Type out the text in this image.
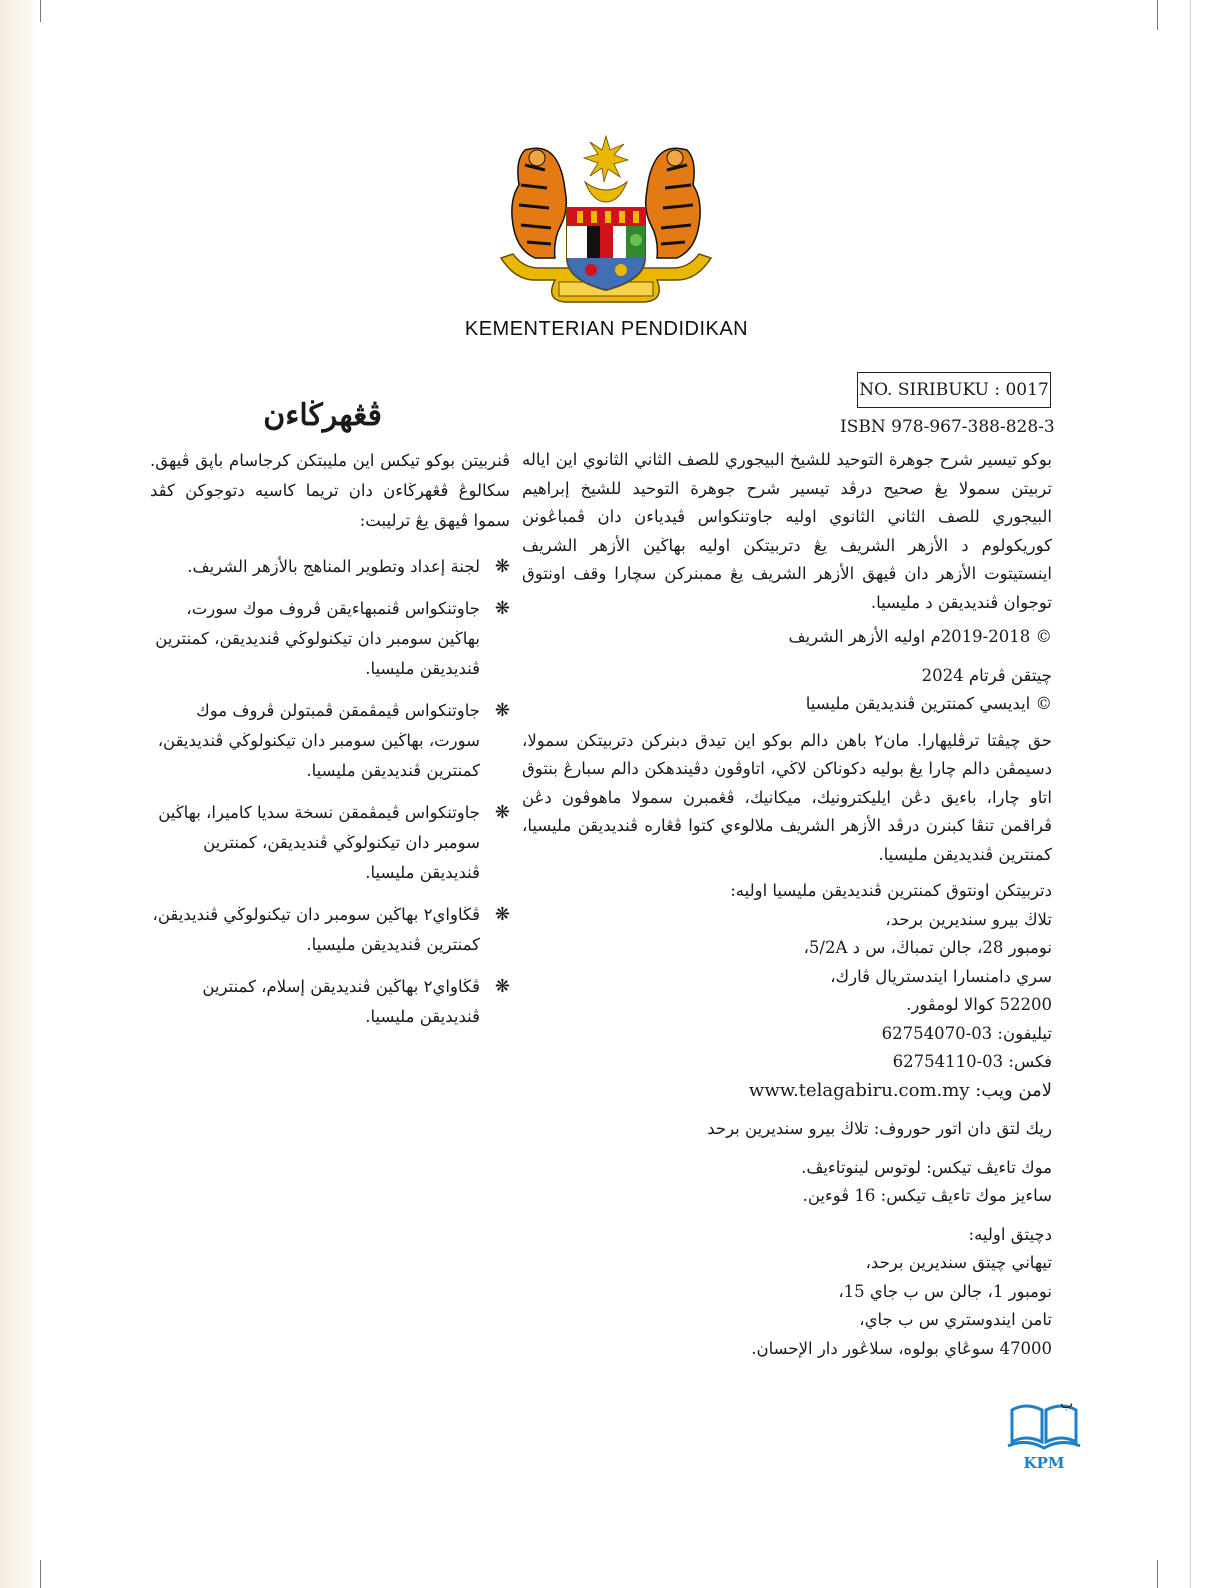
KEMENTERIAN PENDIDIKAN
NO. SIRIBUKU : 0017
ISBN 978-967-388-828-3

بوكو تيسير شرح جوهرة التوحيد للشيخ البيجوري للصف الثاني الثانوي اين اياله تربيتن سمولا يڠ صحيح درڤد تيسير شرح جوهرة التوحيد للشيخ إبراهيم البيجوري للصف الثاني الثانوي اوليه جاوتنكواس ڤيدياءن دان ڤمباڠونن كوريكولوم د الأزهر الشريف يڠ دتربيتكن اوليه بهاڬين الأزهر الشريف اينستيتوت الأزهر دان ڤيهق الأزهر الشريف يڠ ممبنركن سچارا وقف اونتوق توجوان ڤنديديقن د مليسيا.

© 2019-2018م اوليه الأزهر الشريف
چيتقن ڤرتام 2024
© ايديسي كمنترين ڤنديديقن مليسيا

حق چيڤتا ترڤليهارا. مان٢ باهن دالم بوكو اين تيدق دبنركن دتربيتكن سمولا، دسيمڤن دالم چارا يڠ بوليه دكوناكن لاڬي، اتاوڤون دڤيندهكن دالم سبارڠ بنتوق اتاو چارا، باءيق دڠن ايليكترونيك، ميكانيك، ڤڠمبرن سمولا ماهوڤون دڠن ڤراقمن تنڤا كبنرن درڤد الأزهر الشريف ملالوءي كتوا ڤڠاره ڤنديديقن مليسيا، كمنترين ڤنديديقن مليسيا.

دتربيتكن اونتوق كمنترين ڤنديديقن مليسيا اوليه:
تلاڬ بيرو سنديرين برحد،
نومبور 28، جالن تمباڬ، س د 5/2A،
سري دامنسارا ايندستريال ڤارك،
52200 كوالا لومڤور.
تيليفون: 03-62754070
فكس: 03-62754110
لامن ويب: www.telagabiru.com.my
ريك لتق دان اتور حوروف: تلاڬ بيرو سنديرين برحد
موك تاءيڤ تيكس: لوتوس لينوتاءيڤ.
ساءيز موك تاءيڤ تيكس: 16 ڤوءين.
دچيتق اوليه:
تيهاني چيتق سنديرين برحد،
نومبور 1، جالن س ب جاي 15،
تامن ايندوستري س ب جاي،
47000 سوڠاي بولوه، سلاڠور دار الإحسان.
ڤڠهرڬاءن

ڤنربيتن بوكو تيكس اين مليبتكن كرجاسام باڽق ڤيهق. سكالوڠ ڤڠهرڬاءن دان تريما كاسيه دتوجوكن كڤد سموا ڤيهق يڠ ترليبت:

❋
لجنة إعداد وتطوير المناهج بالأزهر الشريف.
❋
جاوتنكواس ڤنمبهاءيقن ڤروف موك سورت، بهاڬين سومبر دان تيكنولوڬي ڤنديديقن، كمنترين ڤنديديقن مليسيا.
❋
جاوتنكواس ڤيمڤمقن ڤمبتولن ڤروف موك سورت، بهاڬين سومبر دان تيكنولوڬي ڤنديديقن، كمنترين ڤنديديقن مليسيا.
❋
جاوتنكواس ڤيمڤمقن نسخة سديا كاميرا، بهاڬين سومبر دان تيكنولوڬي ڤنديديقن، كمنترين ڤنديديقن مليسيا.
❋
ڤڬاواي٢ بهاڬين سومبر دان تيكنولوڬي ڤنديديقن، كمنترين ڤنديديقن مليسيا.
❋
ڤڬاواي٢ بهاڬين ڤنديديقن إسلام، كمنترين ڤنديديقن مليسيا.
ب
KPM
